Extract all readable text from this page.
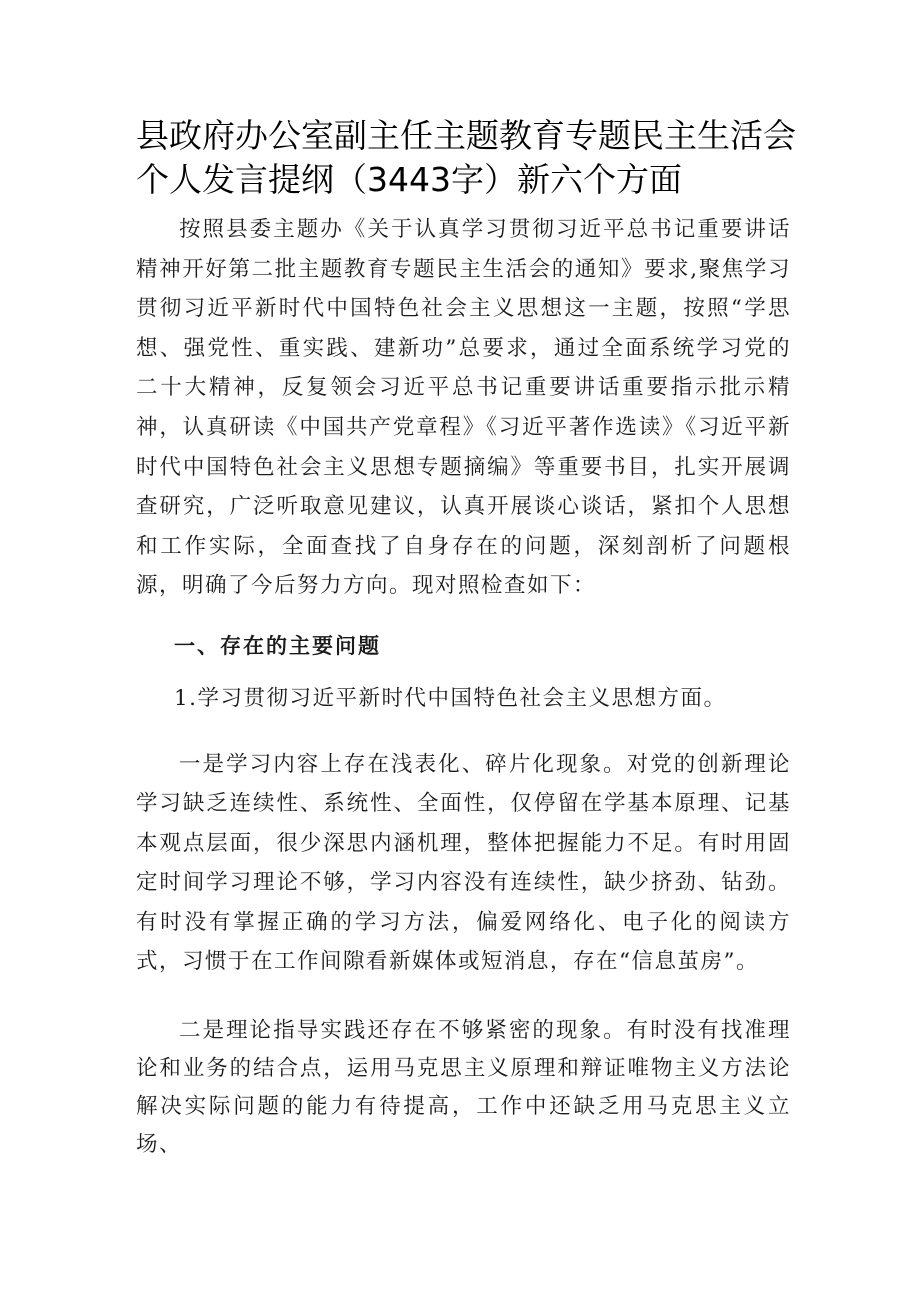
县政府办公室副主任主题教育专题民主生活会
个人发言提纲（3443字）新六个方面

按照县委主题办《关于认真学习贯彻习近平总书记重要讲话精神开好第二批主题教育专题民主生活会的通知》要求,聚焦学习贯彻习近平新时代中国特色社会主义思想这一主题，按照“学思想、强党性、重实践、建新功”总要求，通过全面系统学习党的二十大精神，反复领会习近平总书记重要讲话重要指示批示精神，认真研读《中国共产党章程》《习近平著作选读》《习近平新时代中国特色社会主义思想专题摘编》等重要书目，扎实开展调查研究，广泛听取意见建议，认真开展谈心谈话，紧扣个人思想和工作实际，全面查找了自身存在的问题，深刻剖析了问题根源，明确了今后努力方向。现对照检查如下：

一、存在的主要问题

1.学习贯彻习近平新时代中国特色社会主义思想方面。

一是学习内容上存在浅表化、碎片化现象。对党的创新理论学习缺乏连续性、系统性、全面性，仅停留在学基本原理、记基本观点层面，很少深思内涵机理，整体把握能力不足。有时用固定时间学习理论不够，学习内容没有连续性，缺少挤劲、钻劲。有时没有掌握正确的学习方法，偏爱网络化、电子化的阅读方式，习惯于在工作间隙看新媒体或短消息，存在“信息茧房”。

二是理论指导实践还存在不够紧密的现象。有时没有找准理论和业务的结合点，运用马克思主义原理和辩证唯物主义方法论解决实际问题的能力有待提高，工作中还缺乏用马克思主义立场、
